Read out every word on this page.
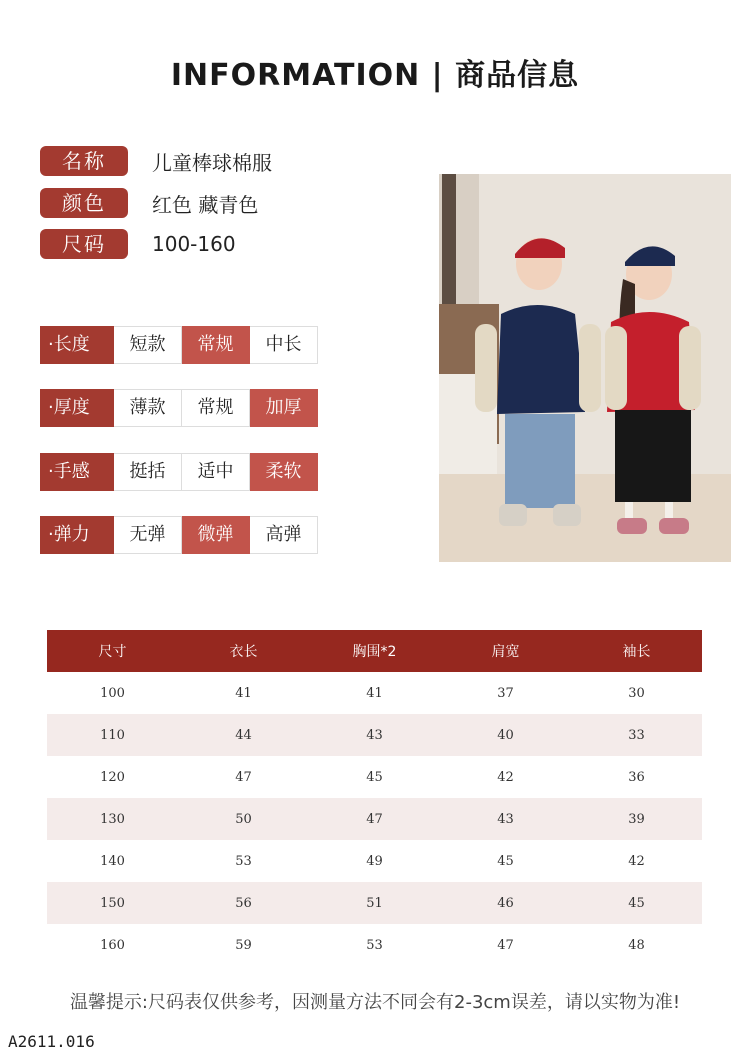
INFORMATION | 商品信息
名称	儿童棒球棉服
颜色	红色 藏青色
尺码	100-160
·长度	短款	常规	中长
·厚度	薄款	常规	加厚
·手感	挺括	适中	柔软
·弹力	无弹	微弹	高弹
尺寸	衣长	胸围*2	肩宽	袖长
100	41	41	37	30
110	44	43	40	33
120	47	45	42	36
130	50	47	43	39
140	53	49	45	42
150	56	51	46	45
160	59	53	47	48
温馨提示:尺码表仅供参考，因测量方法不同会有2-3cm误差，请以实物为准!
A2611.016
